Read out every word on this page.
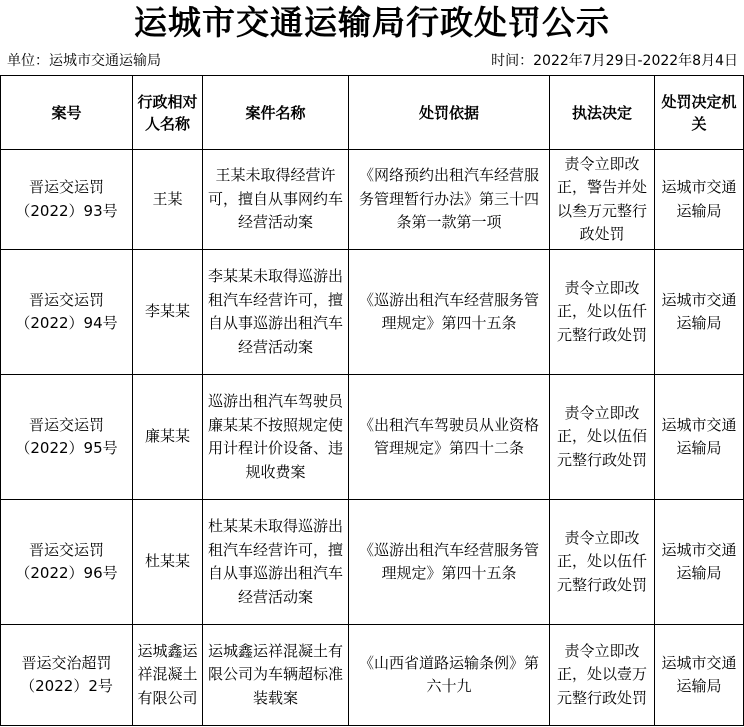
运城市交通运输局行政处罚公示
单位：运城市交通运输局	时间：2022年7月29日-2022年8月4日
案号	行政相对人名称	案件名称	处罚依据	执法决定	处罚决定机关
晋运交运罚（2022）93号	王某	王某未取得经营许可，擅自从事网约车经营活动案	《网络预约出租汽车经营服务管理暂行办法》第三十四条第一款第一项	责令立即改正，警告并处以叁万元整行政处罚	运城市交通运输局
晋运交运罚（2022）94号	李某某	李某某未取得巡游出租汽车经营许可，擅自从事巡游出租汽车经营活动案	《巡游出租汽车经营服务管理规定》第四十五条	责令立即改正，处以伍仟元整行政处罚	运城市交通运输局
晋运交运罚（2022）95号	廉某某	巡游出租汽车驾驶员廉某某不按照规定使用计程计价设备、违规收费案	《出租汽车驾驶员从业资格管理规定》第四十二条	责令立即改正，处以伍佰元整行政处罚	运城市交通运输局
晋运交运罚（2022）96号	杜某某	杜某某未取得巡游出租汽车经营许可，擅自从事巡游出租汽车经营活动案	《巡游出租汽车经营服务管理规定》第四十五条	责令立即改正，处以伍仟元整行政处罚	运城市交通运输局
晋运交治超罚（2022）2号	运城鑫运祥混凝土有限公司	运城鑫运祥混凝土有限公司为车辆超标准装载案	《山西省道路运输条例》第六十九	责令立即改正，处以壹万元整行政处罚	运城市交通运输局
